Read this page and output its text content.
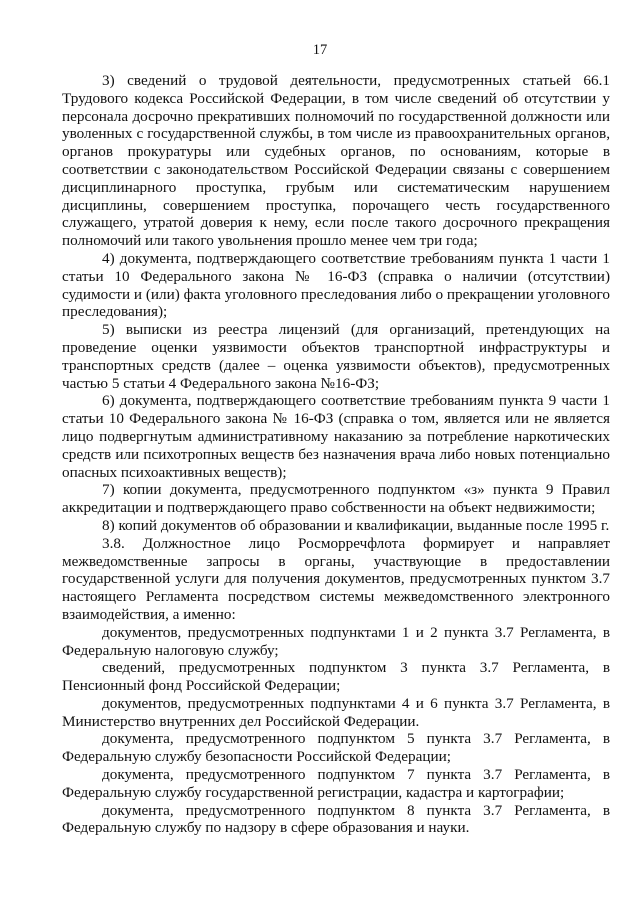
17

3) сведений о трудовой деятельности, предусмотренных статьей 66.1 Трудового кодекса Российской Федерации, в том числе сведений об отсутствии у персонала досрочно прекративших полномочий по государственной должности или уволенных с государственной службы, в том числе из правоохранительных органов, органов прокуратуры или судебных органов, по основаниям, которые в соответствии с законодательством Российской Федерации связаны с совершением дисциплинарного проступка, грубым или систематическим нарушением дисциплины, совершением проступка, порочащего честь государственного служащего, утратой доверия к нему, если после такого досрочного прекращения полномочий или такого увольнения прошло менее чем три года;

4) документа, подтверждающего соответствие требованиям пункта 1 части 1 статьи 10 Федерального закона № 16-ФЗ (справка о наличии (отсутствии) судимости и (или) факта уголовного преследования либо о прекращении уголовного преследования);

5) выписки из реестра лицензий (для организаций, претендующих на проведение оценки уязвимости объектов транспортной инфраструктуры и транспортных средств (далее – оценка уязвимости объектов), предусмотренных частью 5 статьи 4 Федерального закона №16-ФЗ;

6) документа, подтверждающего соответствие требованиям пункта 9 части 1 статьи 10 Федерального закона № 16-ФЗ (справка о том, является или не является лицо подвергнутым административному наказанию за потребление наркотических средств или психотропных веществ без назначения врача либо новых потенциально опасных психоактивных веществ);

7) копии документа, предусмотренного подпунктом «з» пункта 9 Правил аккредитации и подтверждающего право собственности на объект недвижимости;

8) копий документов об образовании и квалификации, выданные после 1995 г.

3.8. Должностное лицо Росморречфлота формирует и направляет межведомственные запросы в органы, участвующие в предоставлении государственной услуги для получения документов, предусмотренных пунктом 3.7 настоящего Регламента посредством системы межведомственного электронного взаимодействия, а именно:

документов, предусмотренных подпунктами 1 и 2 пункта 3.7 Регламента, в Федеральную налоговую службу;

сведений, предусмотренных подпунктом 3 пункта 3.7 Регламента, в Пенсионный фонд Российской Федерации;

документов, предусмотренных подпунктами 4 и 6 пункта 3.7 Регламента, в Министерство внутренних дел Российской Федерации.

документа, предусмотренного подпунктом 5 пункта 3.7 Регламента, в Федеральную службу безопасности Российской Федерации;

документа, предусмотренного подпунктом 7 пункта 3.7 Регламента, в Федеральную службу государственной регистрации, кадастра и картографии;

документа, предусмотренного подпунктом 8 пункта 3.7 Регламента, в Федеральную службу по надзору в сфере образования и науки.
